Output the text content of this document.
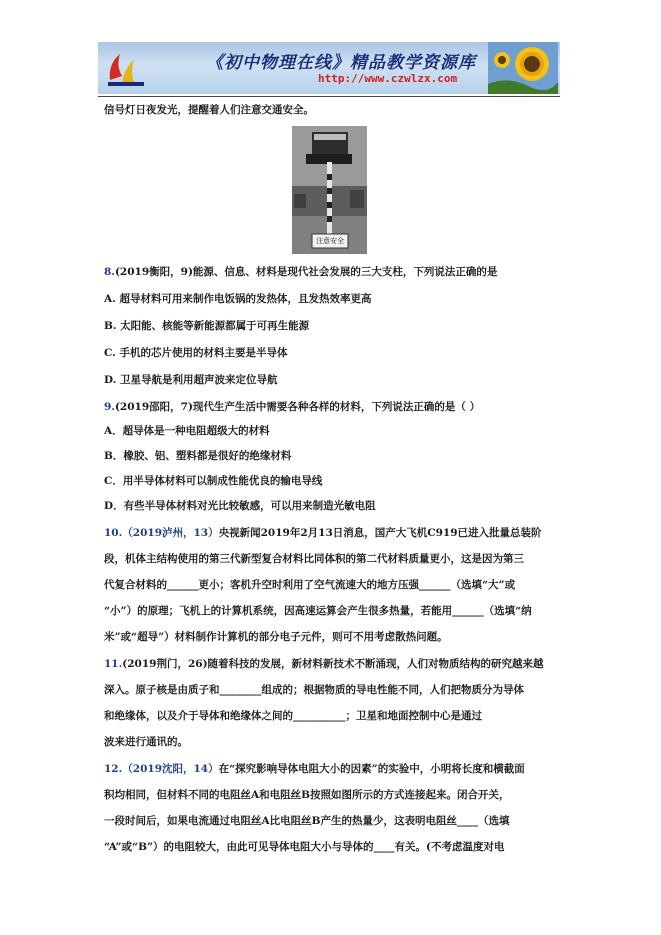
《初中物理在线》精品教学资源库
http://www.czwlzx.com
信号灯日夜发光，提醒着人们注意交通安全。
注意安全
8.(2019衡阳，9)能源、信息、材料是现代社会发展的三大支柱，下列说法正确的是
A. 超导材料可用来制作电饭锅的发热体，且发热效率更高
B. 太阳能、核能等新能源都属于可再生能源
C. 手机的芯片使用的材料主要是半导体
D. 卫星导航是利用超声波来定位导航
9.(2019邵阳，7)现代生产生活中需要各种各样的材料，下列说法正确的是（ ）
A．超导体是一种电阻超级大的材料
B．橡胶、铝、塑料都是很好的绝缘材料
C．用半导体材料可以制成性能优良的输电导线
D．有些半导体材料对光比较敏感，可以用来制造光敏电阻
10.（2019泸州，13）央视新闻2019年2月13日消息，国产大飞机C919已进入批量总装阶
段，机体主结构使用的第三代新型复合材料比同体积的第二代材料质量更小，这是因为第三
代复合材料的______更小；客机升空时利用了空气流速大的地方压强______（选填“大”或
“小”）的原理；飞机上的计算机系统，因高速运算会产生很多热量，若能用______（选填“纳
米”或“超导”）材料制作计算机的部分电子元件，则可不用考虑散热问题。
11.(2019荆门，26)随着科技的发展，新材料新技术不断涌现，人们对物质结构的研究越来越
深入。原子核是由质子和________组成的；根据物质的导电性能不同，人们把物质分为导体
和绝缘体，以及介于导体和绝缘体之间的__________；卫星和地面控制中心是通过
波来进行通讯的。
12.（2019沈阳，14）在“探究影响导体电阻大小的因素”的实验中，小明将长度和横截面
积均相同，但材料不同的电阻丝A和电阻丝B按照如图所示的方式连接起来。闭合开关，
一段时间后，如果电流通过电阻丝A比电阻丝B产生的热量少，这表明电阻丝____（选填
“A”或“B”）的电阻较大，由此可见导体电阻大小与导体的____有关。(不考虑温度对电
